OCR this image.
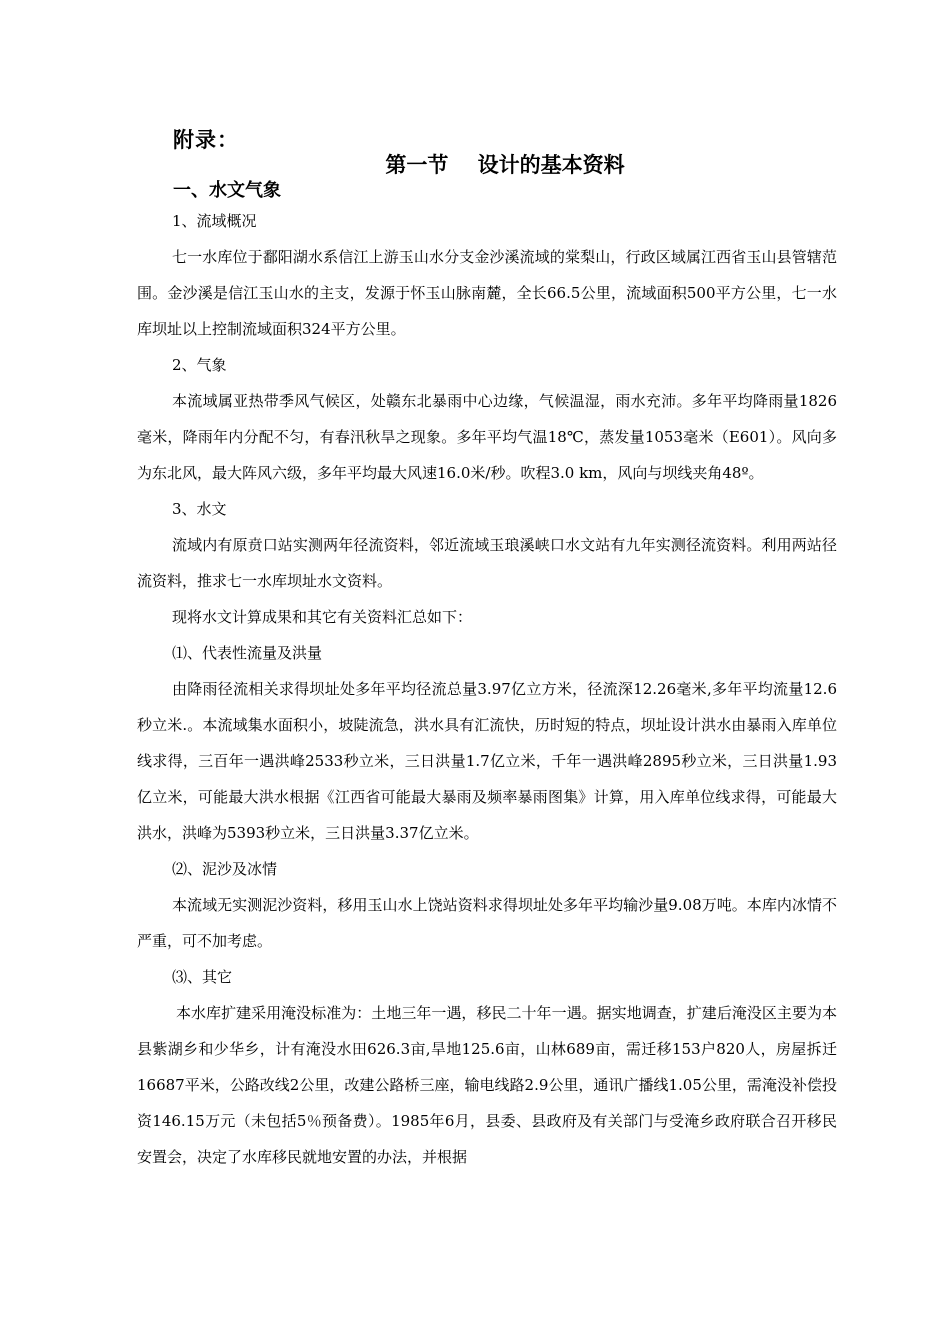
附录：
第一节    设计的基本资料
一、水文气象

1、流域概况

七一水库位于鄱阳湖水系信江上游玉山水分支金沙溪流域的棠梨山，行政区域属江西省玉山县管辖范围。金沙溪是信江玉山水的主支，发源于怀玉山脉南麓，全长66.5公里，流域面积500平方公里，七一水库坝址以上控制流域面积324平方公里。

2、气象

本流域属亚热带季风气候区，处赣东北暴雨中心边缘，气候温湿，雨水充沛。多年平均降雨量1826毫米，降雨年内分配不匀，有春汛秋旱之现象。多年平均气温18℃，蒸发量1053毫米（E601）。风向多为东北风，最大阵风六级，多年平均最大风速16.0米/秒。吹程3.0 km，风向与坝线夹角48º。

3、水文

流域内有原贲口站实测两年径流资料，邻近流域玉琅溪峡口水文站有九年实测径流资料。利用两站径流资料，推求七一水库坝址水文资料。

现将水文计算成果和其它有关资料汇总如下：

⑴、代表性流量及洪量

由降雨径流相关求得坝址处多年平均径流总量3.97亿立方米，径流深12.26毫米,多年平均流量12.6秒立米.。本流域集水面积小，坡陡流急，洪水具有汇流快，历时短的特点，坝址设计洪水由暴雨入库单位线求得，三百年一遇洪峰2533秒立米，三日洪量1.7亿立米，千年一遇洪峰2895秒立米，三日洪量1.93亿立米，可能最大洪水根据《江西省可能最大暴雨及频率暴雨图集》计算，用入库单位线求得，可能最大洪水，洪峰为5393秒立米，三日洪量3.37亿立米。

⑵、泥沙及冰情

本流域无实测泥沙资料，移用玉山水上饶站资料求得坝址处多年平均输沙量9.08万吨。本库内冰情不严重，可不加考虑。

⑶、其它

本水库扩建采用淹没标准为：土地三年一遇，移民二十年一遇。据实地调查，扩建后淹没区主要为本县紫湖乡和少华乡，计有淹没水田626.3亩,旱地125.6亩，山林689亩，需迁移153户820人，房屋拆迁16687平米，公路改线2公里，改建公路桥三座，输电线路2.9公里，通讯广播线1.05公里，需淹没补偿投资146.15万元（未包括5％预备费）。1985年6月，县委、县政府及有关部门与受淹乡政府联合召开移民安置会，决定了水库移民就地安置的办法，并根据
